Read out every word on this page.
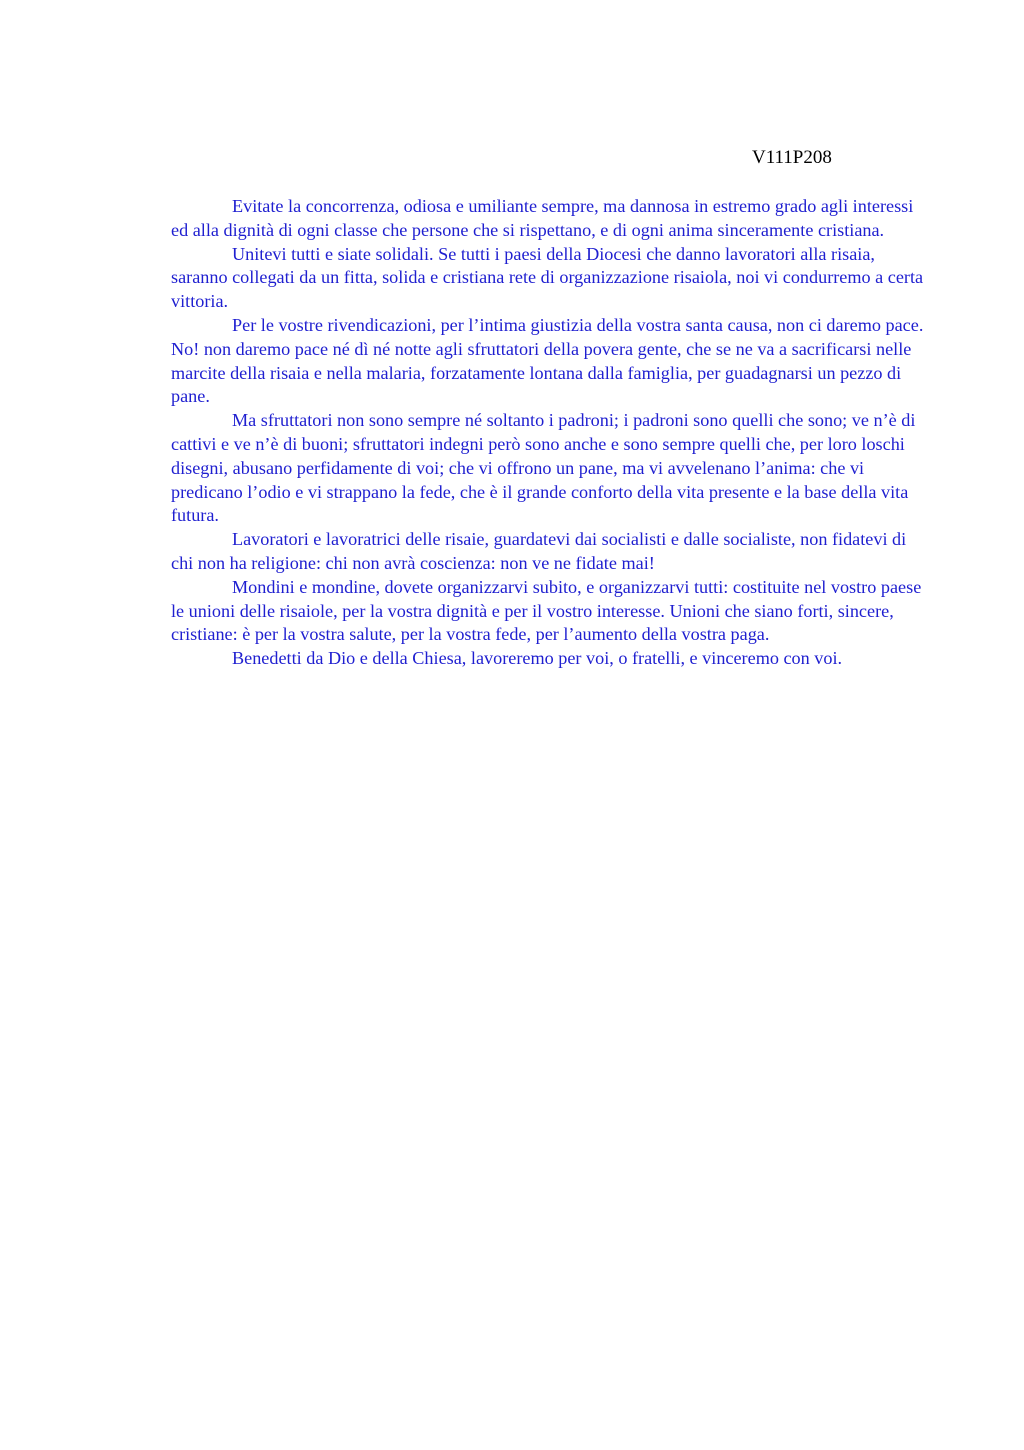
V111P208

Evitate la concorrenza, odiosa e umiliante sempre, ma dannosa in estremo grado agli interessi ed alla dignità di ogni classe che persone che si rispettano, e di ogni anima sinceramente cristiana.

Unitevi tutti e siate solidali. Se tutti i paesi della Diocesi che danno lavoratori alla risaia, saranno collegati da un fitta, solida e cristiana rete di organizzazione risaiola, noi vi condurremo a certa vittoria.

Per le vostre rivendicazioni, per l’intima giustizia della vostra santa causa, non ci daremo pace. No! non daremo pace né dì né notte agli sfruttatori della povera gente, che se ne va a sacrificarsi nelle marcite della risaia e nella malaria, forzatamente lontana dalla famiglia, per guadagnarsi un pezzo di pane.

Ma sfruttatori non sono sempre né soltanto i padroni; i padroni sono quelli che sono; ve n’è di cattivi e ve n’è di buoni; sfruttatori indegni però sono anche e sono sempre quelli che, per loro loschi disegni, abusano perfidamente di voi; che vi offrono un pane, ma vi avvelenano l’anima: che vi predicano l’odio e vi strappano la fede, che è il grande conforto della vita presente e la base della vita futura.

Lavoratori e lavoratrici delle risaie, guardatevi dai socialisti e dalle socialiste, non fidatevi di chi non ha religione: chi non avrà coscienza: non ve ne fidate mai!

Mondini e mondine, dovete organizzarvi subito, e organizzarvi tutti: costituite nel vostro paese le unioni delle risaiole, per la vostra dignità e per il vostro interesse. Unioni che siano forti, sincere, cristiane: è per la vostra salute, per la vostra fede, per l’aumento della vostra paga.

Benedetti da Dio e della Chiesa, lavoreremo per voi, o fratelli, e vinceremo con voi.
